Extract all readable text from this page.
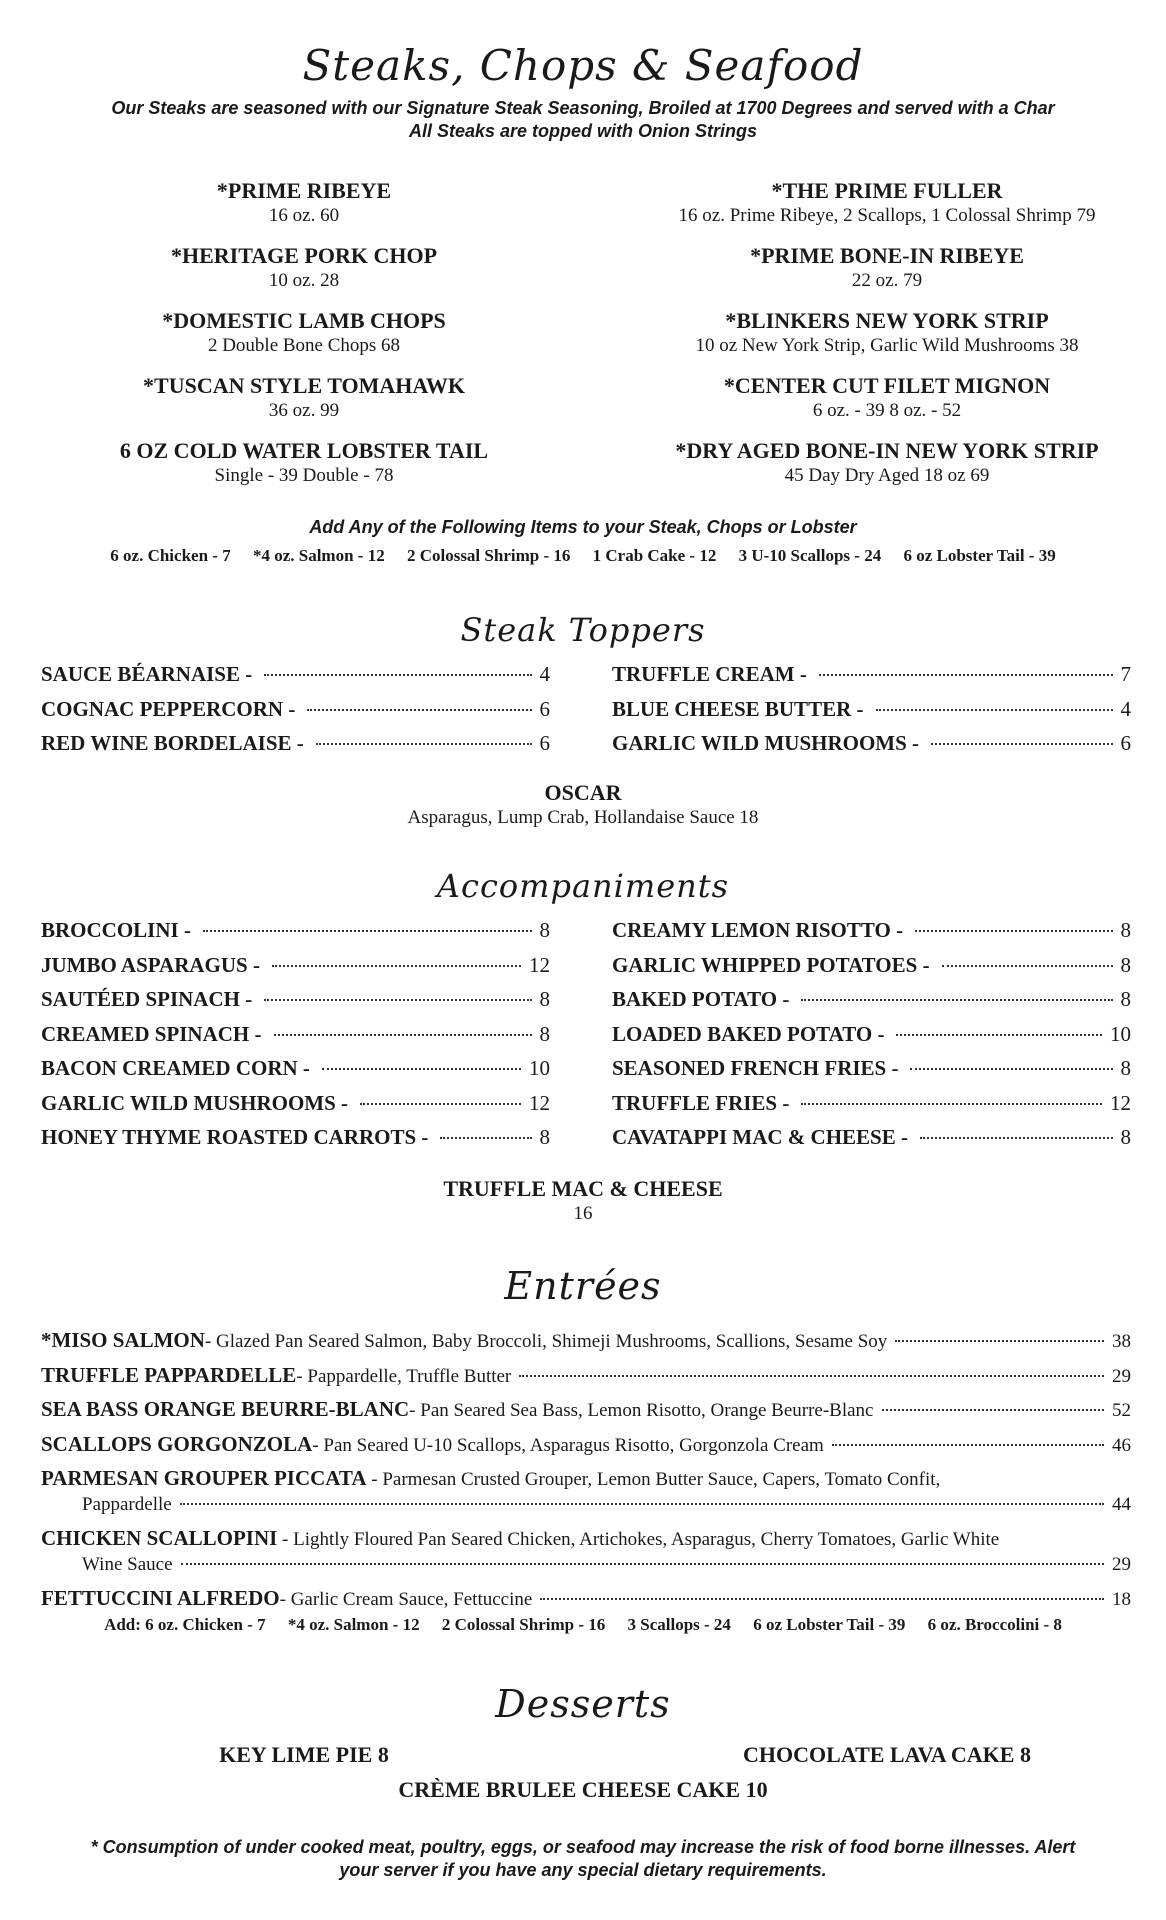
Steaks, Chops & Seafood
Our Steaks are seasoned with our Signature Steak Seasoning, Broiled at 1700 Degrees and served with a Char
All Steaks are topped with Onion Strings
*PRIME RIBEYE
16 oz. 60
*THE PRIME FULLER
16 oz. Prime Ribeye, 2 Scallops, 1 Colossal Shrimp 79
*HERITAGE PORK CHOP
10 oz. 28
*PRIME BONE-IN RIBEYE
22 oz. 79
*DOMESTIC LAMB CHOPS
2 Double Bone Chops 68
*BLINKERS NEW YORK STRIP
10 oz New York Strip, Garlic Wild Mushrooms 38
*TUSCAN STYLE TOMAHAWK
36 oz. 99
*CENTER CUT FILET MIGNON
6 oz. - 39 8 oz. - 52
6 OZ COLD WATER LOBSTER TAIL
Single - 39 Double - 78
*DRY AGED BONE-IN NEW YORK STRIP
45 Day Dry Aged 18 oz 69
Add Any of the Following Items to your Steak, Chops or Lobster
6 oz. Chicken - 7 *4 oz. Salmon - 12 2 Colossal Shrimp - 16 1 Crab Cake - 12 3 U-10 Scallops - 24 6 oz Lobster Tail - 39
Steak Toppers
SAUCE BÉARNAISE -	4
COGNAC PEPPERCORN -	6
RED WINE BORDELAISE -	6
TRUFFLE CREAM -	7
BLUE CHEESE BUTTER -	4
GARLIC WILD MUSHROOMS -	6
OSCAR
Asparagus, Lump Crab, Hollandaise Sauce 18
Accompaniments
BROCCOLINI -	8
JUMBO ASPARAGUS -	12
SAUTÉED SPINACH -	8
CREAMED SPINACH -	8
BACON CREAMED CORN -	10
GARLIC WILD MUSHROOMS -	12
HONEY THYME ROASTED CARROTS -	8
CREAMY LEMON RISOTTO -	8
GARLIC WHIPPED POTATOES -	8
BAKED POTATO -	8
LOADED BAKED POTATO -	10
SEASONED FRENCH FRIES -	8
TRUFFLE FRIES -	12
CAVATAPPI MAC & CHEESE -	8
TRUFFLE MAC & CHEESE
16
Entrées
*MISO SALMON - Glazed Pan Seared Salmon, Baby Broccoli, Shimeji Mushrooms, Scallions, Sesame Soy	38
TRUFFLE PAPPARDELLE - Pappardelle, Truffle Butter	29
SEA BASS ORANGE BEURRE-BLANC - Pan Seared Sea Bass, Lemon Risotto, Orange Beurre-Blanc	52
SCALLOPS GORGONZOLA - Pan Seared U-10 Scallops, Asparagus Risotto, Gorgonzola Cream	46
PARMESAN GROUPER PICCATA - Parmesan Crusted Grouper, Lemon Butter Sauce, Capers, Tomato Confit,
Pappardelle	44
CHICKEN SCALLOPINI - Lightly Floured Pan Seared Chicken, Artichokes, Asparagus, Cherry Tomatoes, Garlic White
Wine Sauce	29
FETTUCCINI ALFREDO - Garlic Cream Sauce, Fettuccine	18
Add: 6 oz. Chicken - 7 *4 oz. Salmon - 12 2 Colossal Shrimp - 16 3 Scallops - 24 6 oz Lobster Tail - 39 6 oz. Broccolini - 8
Desserts
KEY LIME PIE 8	CHOCOLATE LAVA CAKE 8
CRÈME BRULEE CHEESE CAKE 10
* Consumption of under cooked meat, poultry, eggs, or seafood may increase the risk of food borne illnesses. Alert
your server if you have any special dietary requirements.
